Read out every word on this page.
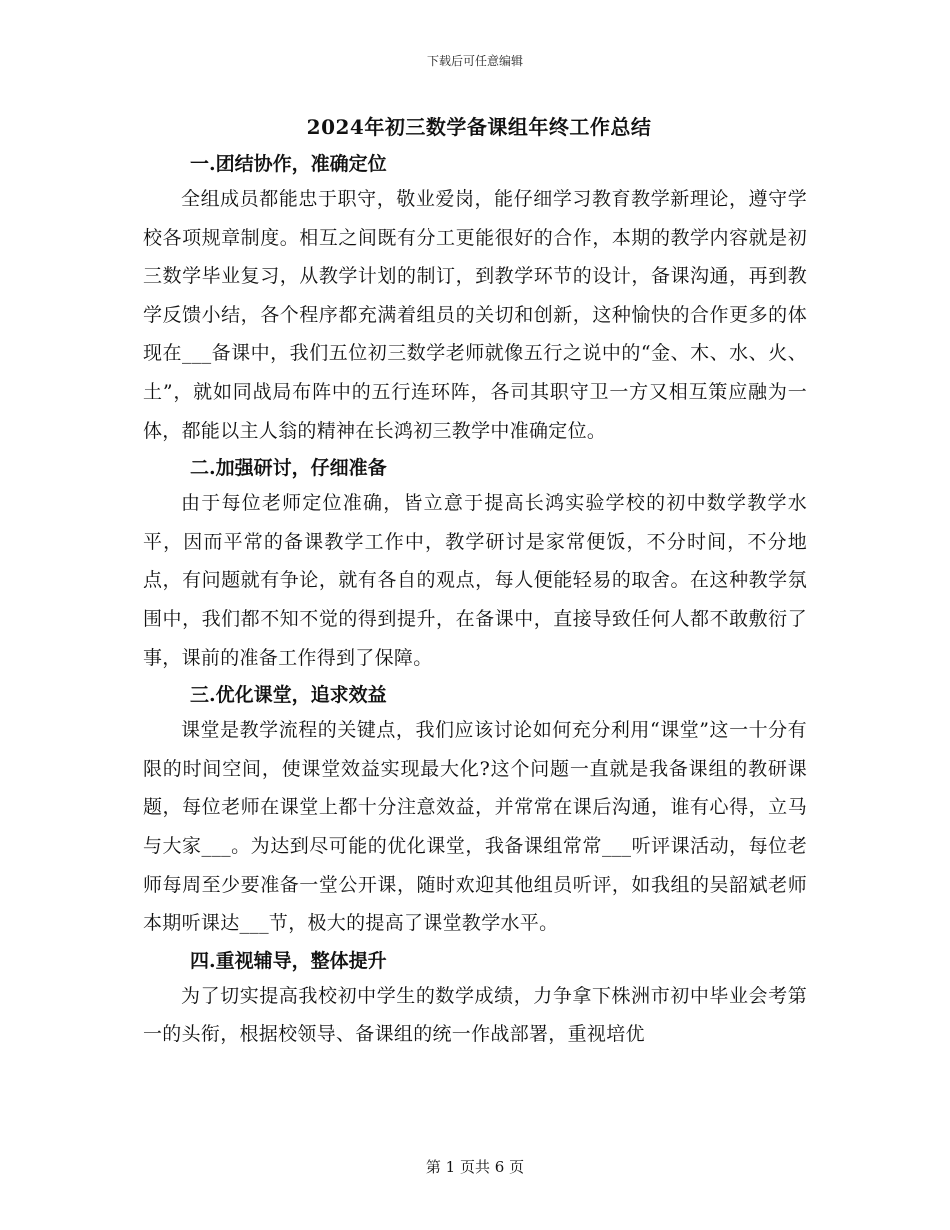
下载后可任意编辑
2024年初三数学备课组年终工作总结
一.团结协作，准确定位

全组成员都能忠于职守，敬业爱岗，能仔细学习教育教学新理论，遵守学校各项规章制度。相互之间既有分工更能很好的合作，本期的教学内容就是初三数学毕业复习，从教学计划的制订，到教学环节的设计，备课沟通，再到教学反馈小结，各个程序都充满着组员的关切和创新，这种愉快的合作更多的体现在___备课中，我们五位初三数学老师就像五行之说中的“金、木、水、火、土”，就如同战局布阵中的五行连环阵，各司其职守卫一方又相互策应融为一体，都能以主人翁的精神在长鸿初三教学中准确定位。

二.加强研讨，仔细准备

由于每位老师定位准确，皆立意于提高长鸿实验学校的初中数学教学水平，因而平常的备课教学工作中，教学研讨是家常便饭，不分时间，不分地点，有问题就有争论，就有各自的观点，每人便能轻易的取舍。在这种教学氛围中，我们都不知不觉的得到提升，在备课中，直接导致任何人都不敢敷衍了事，课前的准备工作得到了保障。

三.优化课堂，追求效益

课堂是教学流程的关键点，我们应该讨论如何充分利用“课堂”这一十分有限的时间空间，使课堂效益实现最大化?这个问题一直就是我备课组的教研课题，每位老师在课堂上都十分注意效益，并常常在课后沟通，谁有心得，立马与大家___。为达到尽可能的优化课堂，我备课组常常___听评课活动，每位老师每周至少要准备一堂公开课，随时欢迎其他组员听评，如我组的吴韶斌老师本期听课达___节，极大的提高了课堂教学水平。

四.重视辅导，整体提升

为了切实提高我校初中学生的数学成绩，力争拿下株洲市初中毕业会考第一的头衔，根据校领导、备课组的统一作战部署，重视培优

第 1 页共 6 页
